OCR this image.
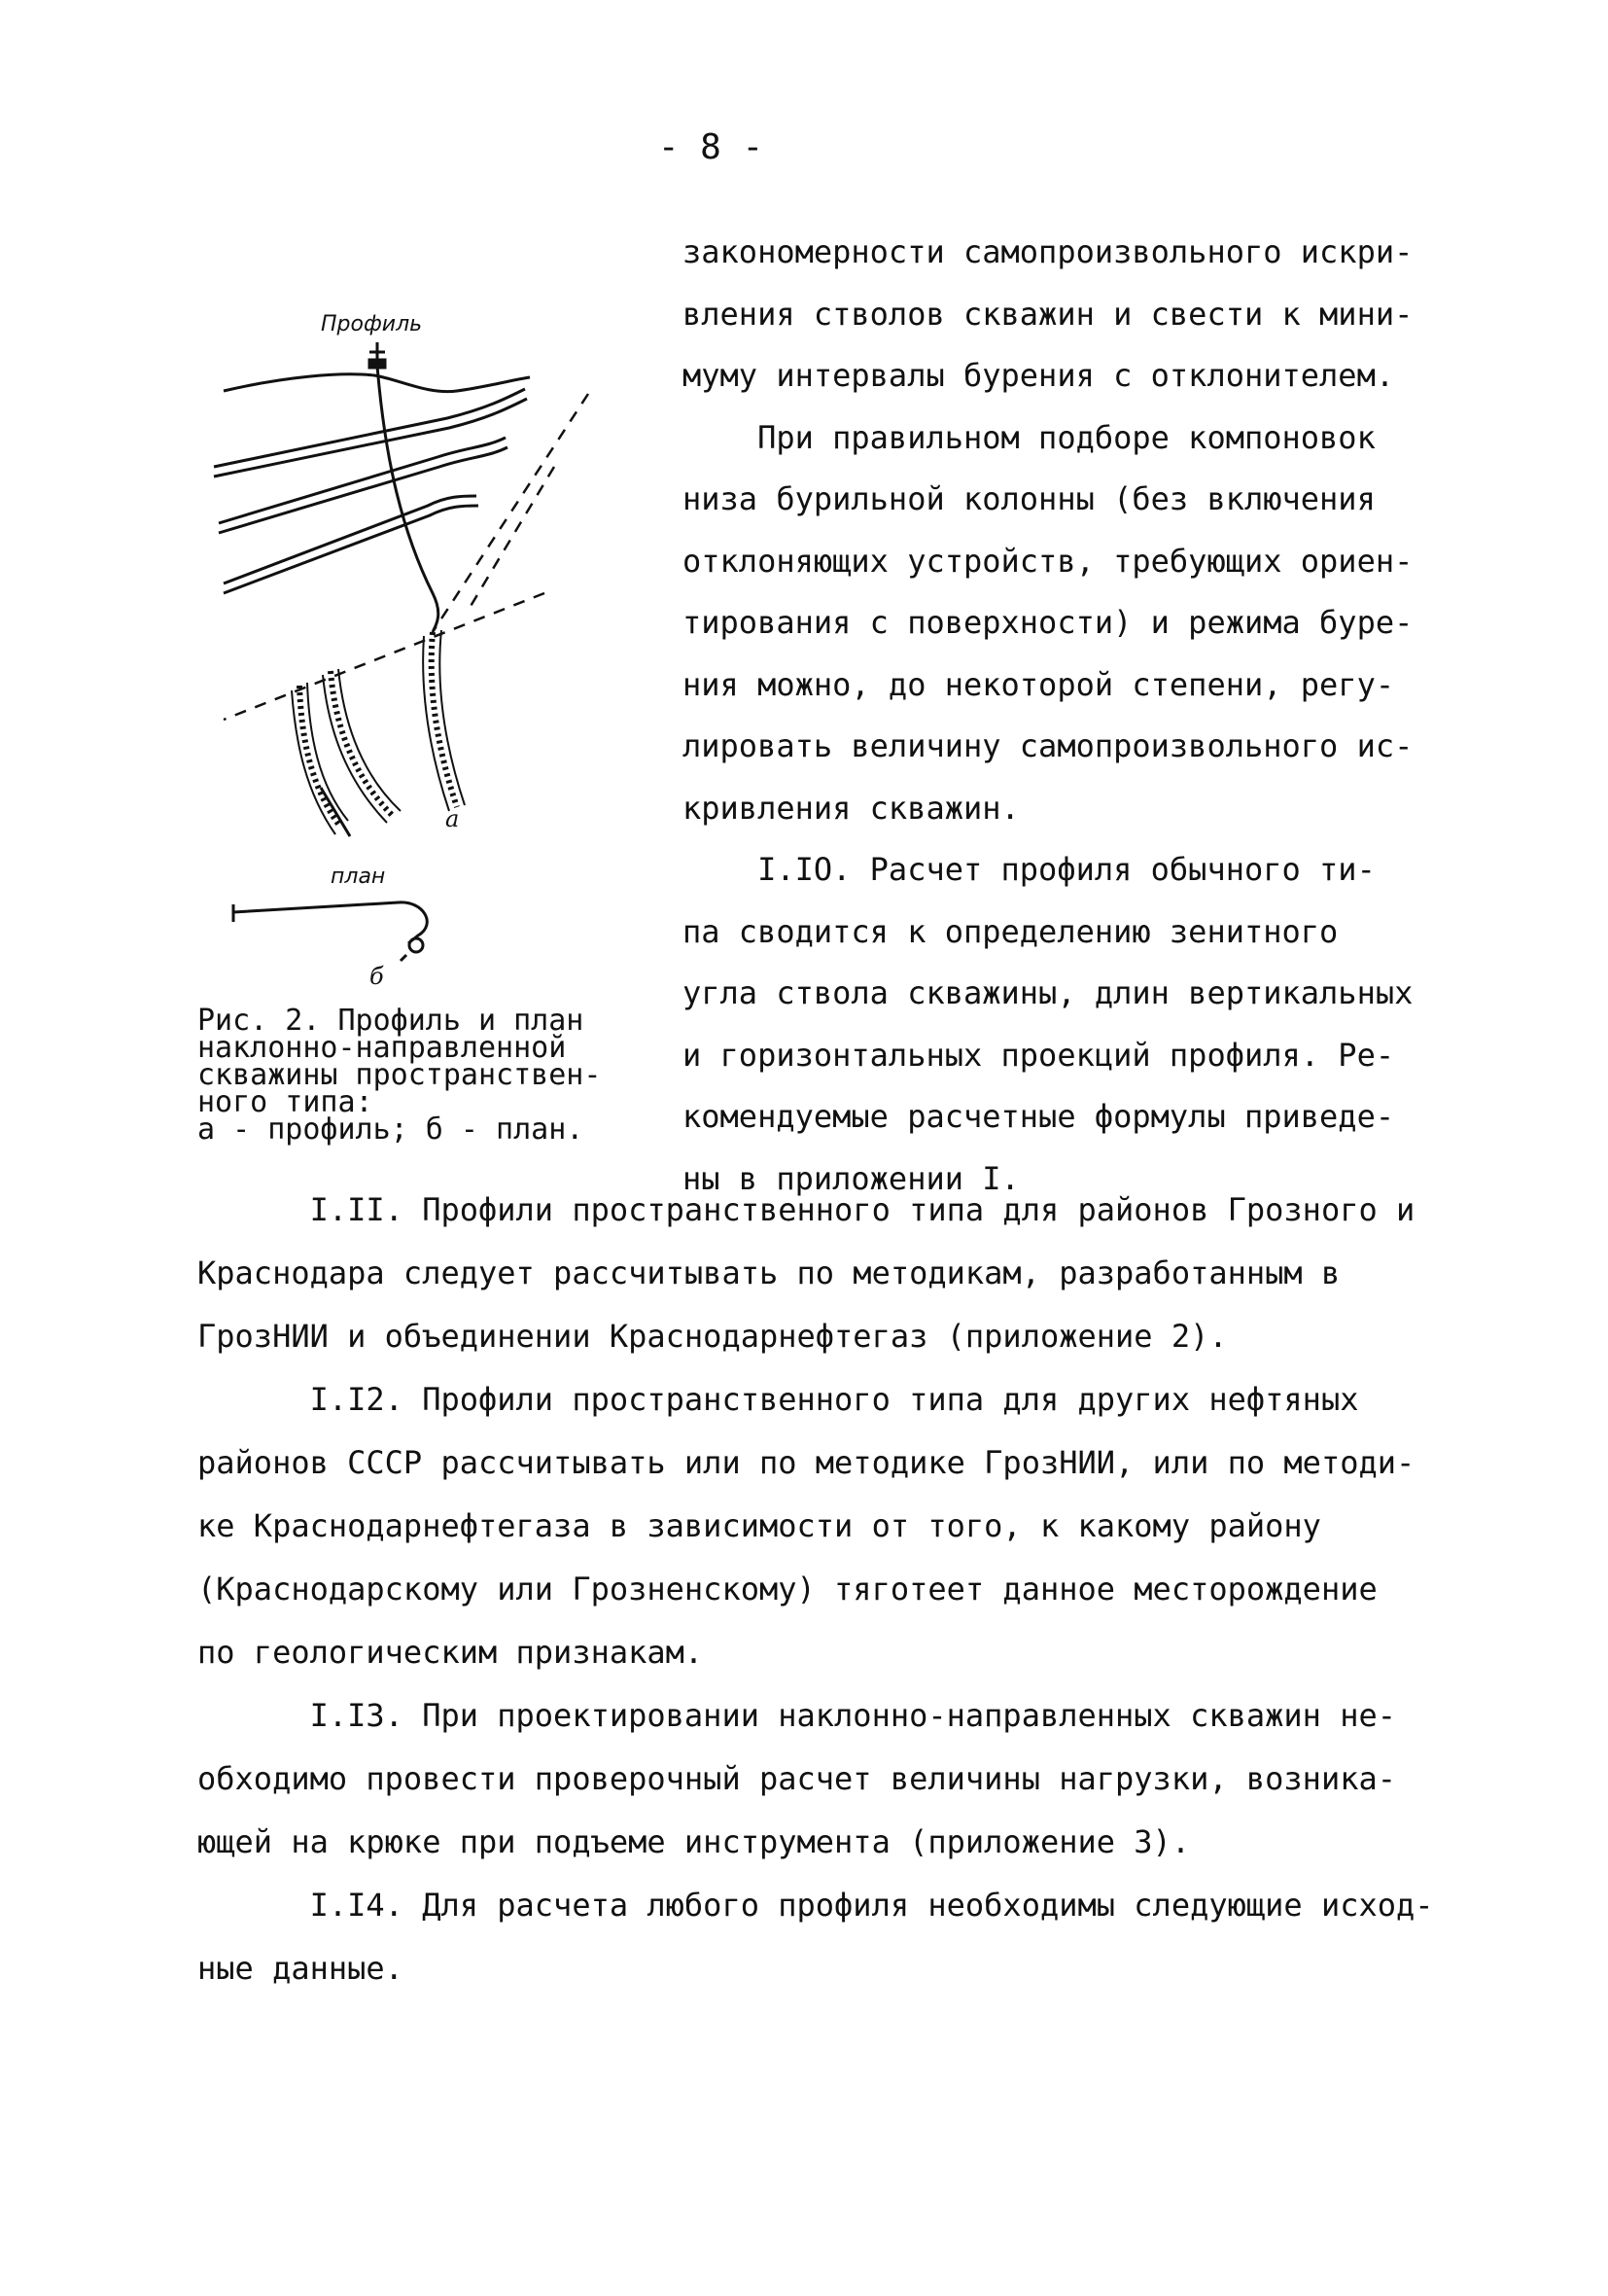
- 8 -
Профиль
а
план
б
Рис. 2. Профиль и план
наклонно-направленной
скважины пространствен-
ного типа:
а - профиль; б - план.
закономерности самопроизвольного искри-
вления стволов скважин и свести к мини-
муму интервалы бурения с отклонителем.
При правильном подборе компоновок
низа бурильной колонны (без включения
отклоняющих устройств, требующих ориен-
тирования с поверхности) и режима буре-
ния можно, до некоторой степени, регу-
лировать величину самопроизвольного ис-
кривления скважин.
I.IO. Расчет профиля обычного ти-
па сводится к определению зенитного
угла ствола скважины, длин вертикальных
и горизонтальных проекций профиля. Ре-
комендуемые расчетные формулы приведе-
ны в приложении I.
I.II. Профили пространственного типа для районов Грозного и
Краснодара следует рассчитывать по методикам, разработанным в
ГрозНИИ и объединении Краснодарнефтегаз (приложение 2).
I.I2. Профили пространственного типа для других нефтяных
районов СССР рассчитывать или по методике ГрозНИИ, или по методи-
ке Краснодарнефтегаза в зависимости от того, к какому району
(Краснодарскому или Грозненскому) тяготеет данное месторождение
по геологическим признакам.
I.I3. При проектировании наклонно-направленных скважин не-
обходимо провести проверочный расчет величины нагрузки, возника-
ющей на крюке при подъеме инструмента (приложение 3).
I.I4. Для расчета любого профиля необходимы следующие исход-
ные данные.
